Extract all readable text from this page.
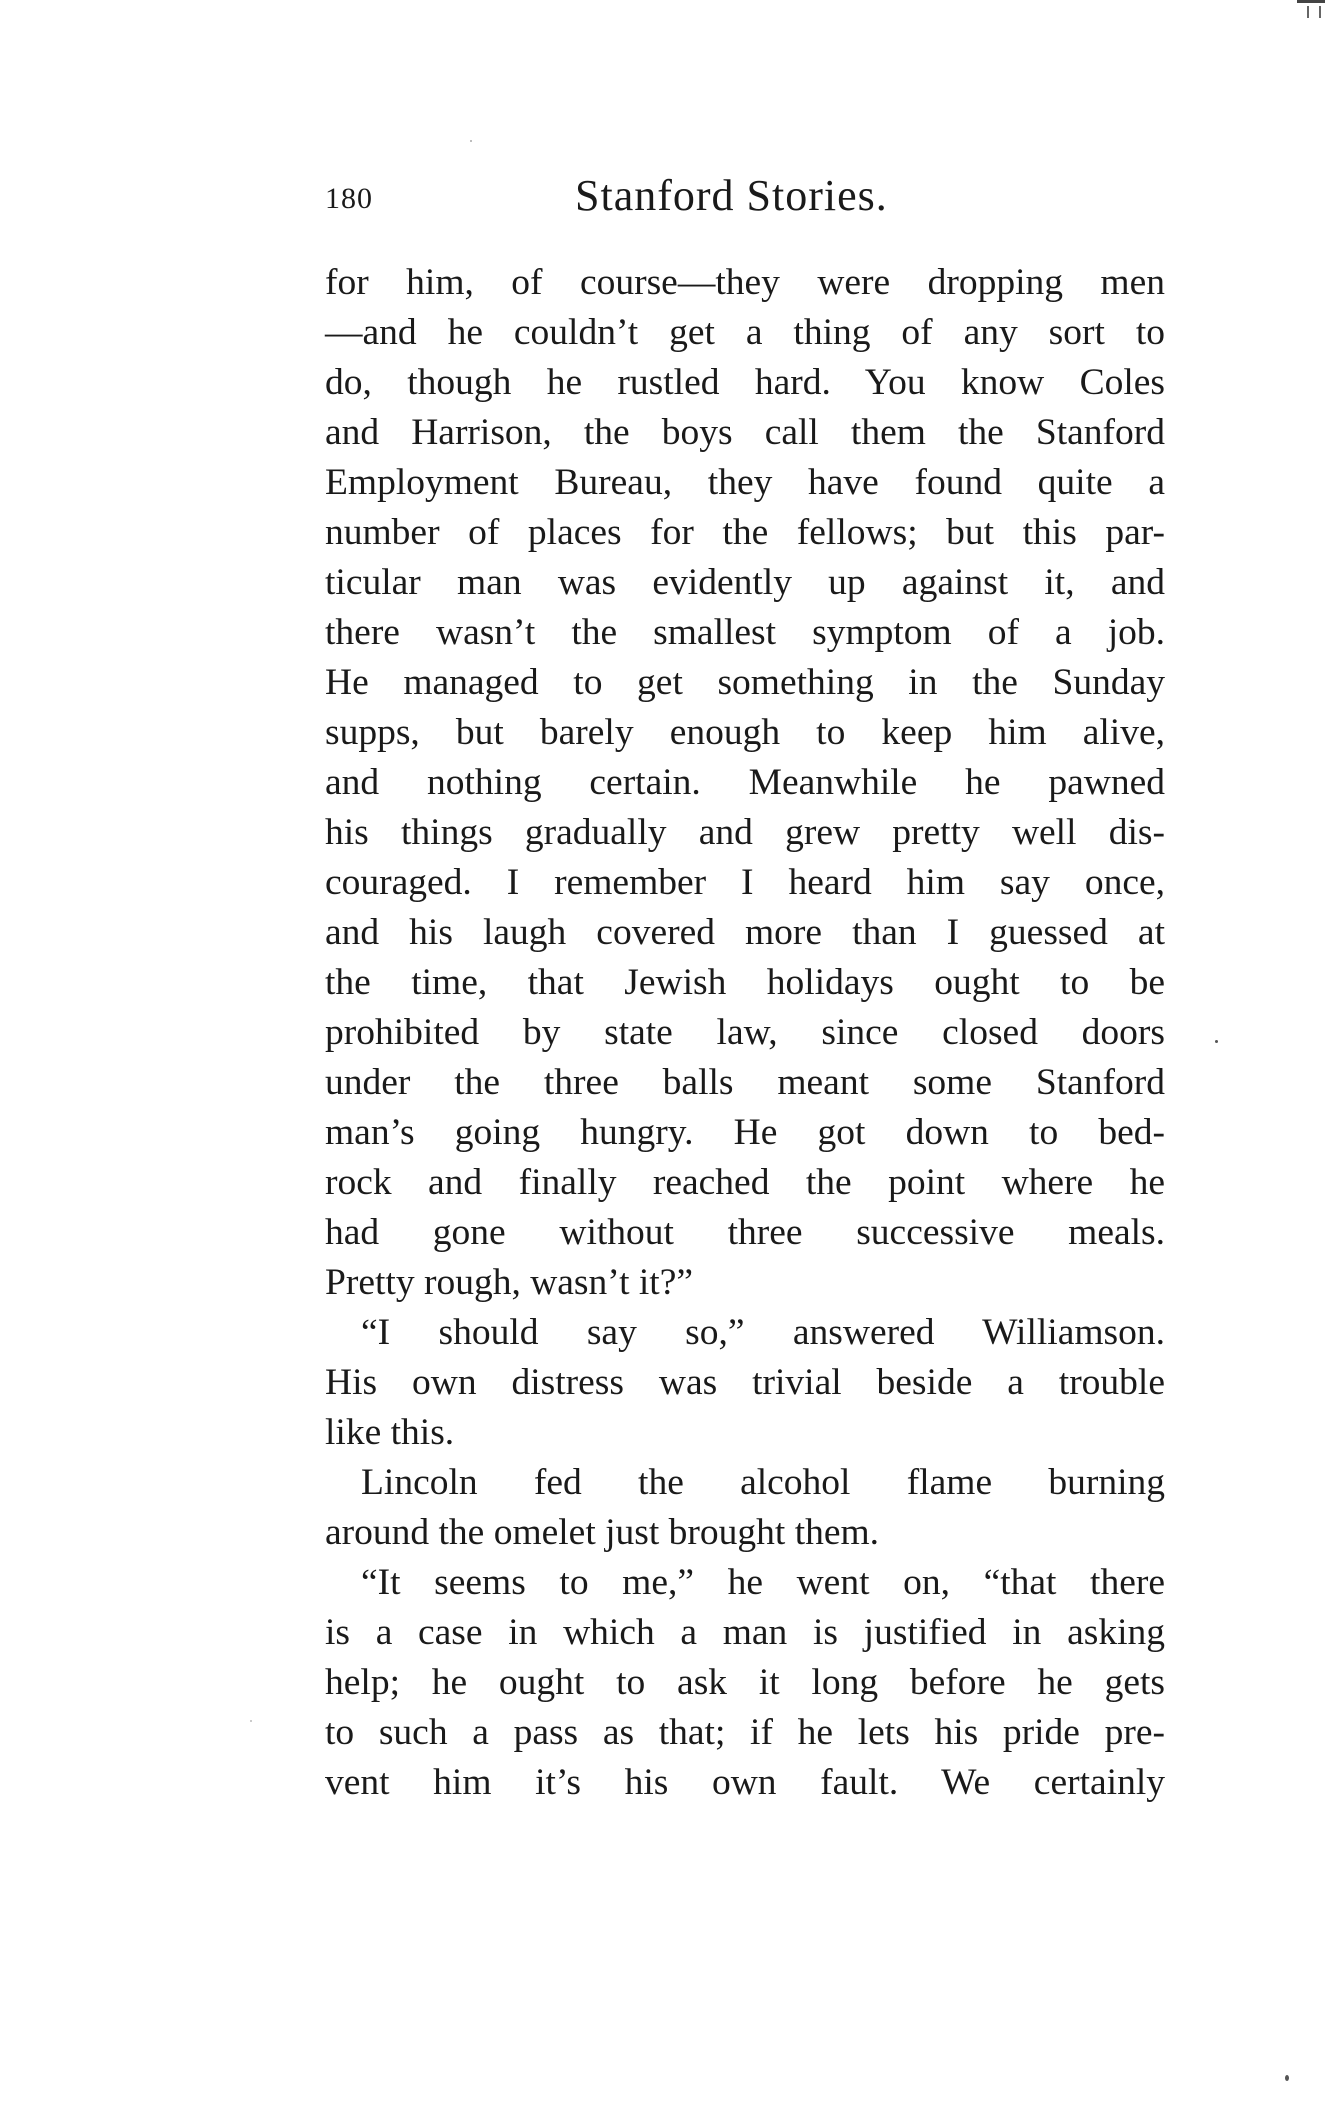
180	Stanford Stories.
for him, of course—they were dropping men
—and he couldn’t get a thing of any sort to
do, though he rustled hard. You know Coles
and Harrison, the boys call them the Stanford
Employment Bureau, they have found quite a
number of places for the fellows; but this par-
ticular man was evidently up against it, and
there wasn’t the smallest symptom of a job.
He managed to get something in the Sunday
supps, but barely enough to keep him alive,
and nothing certain. Meanwhile he pawned
his things gradually and grew pretty well dis-
couraged. I remember I heard him say once,
and his laugh covered more than I guessed at
the time, that Jewish holidays ought to be
prohibited by state law, since closed doors
under the three balls meant some Stanford
man’s going hungry. He got down to bed-
rock and finally reached the point where he
had gone without three successive meals.
Pretty rough, wasn’t it?”
“I should say so,” answered Williamson.
His own distress was trivial beside a trouble
like this.
Lincoln fed the alcohol flame burning
around the omelet just brought them.
“It seems to me,” he went on, “that there
is a case in which a man is justified in asking
help; he ought to ask it long before he gets
to such a pass as that; if he lets his pride pre-
vent him it’s his own fault. We certainly
